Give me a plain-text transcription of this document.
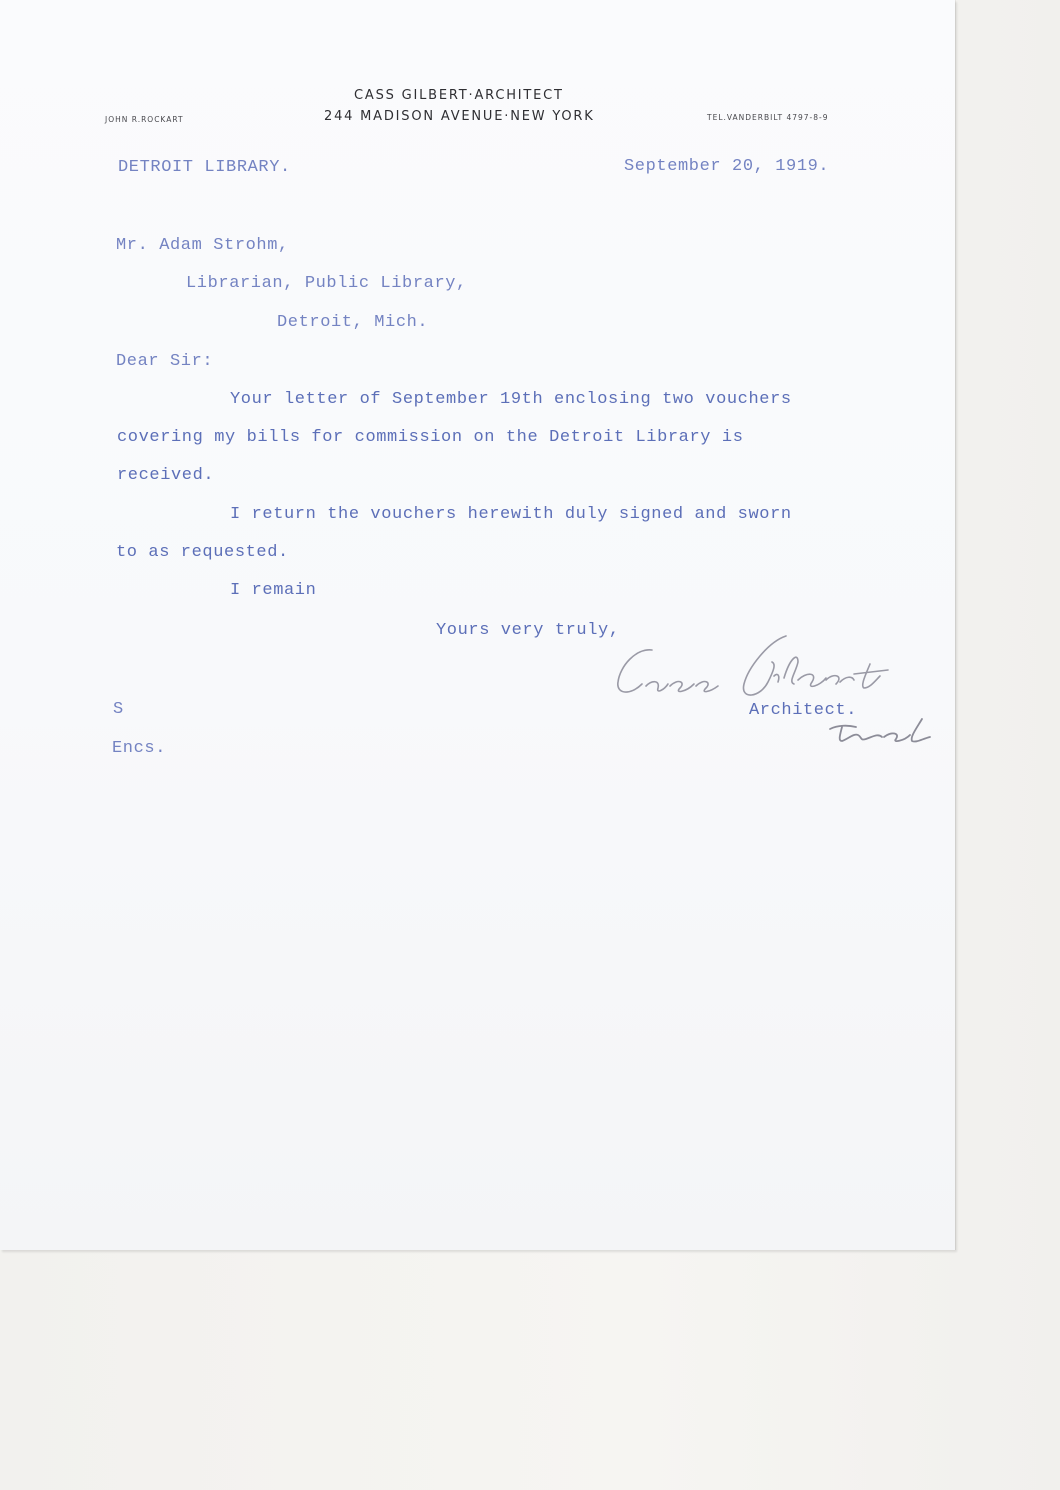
CASS GILBERT·ARCHITECT
244 MADISON AVENUE·NEW YORK
JOHN R.ROCKART	TEL.VANDERBILT 4797-8-9
DETROIT LIBRARY.	September 20, 1919.
Mr. Adam Strohm,
Librarian, Public Library,
Detroit, Mich.
Dear Sir:
Your letter of September 19th enclosing two vouchers
covering my bills for commission on the Detroit Library is
received.
I return the vouchers herewith duly signed and sworn
to as requested.
I remain
Yours very truly,
Architect.
S
Encs.
